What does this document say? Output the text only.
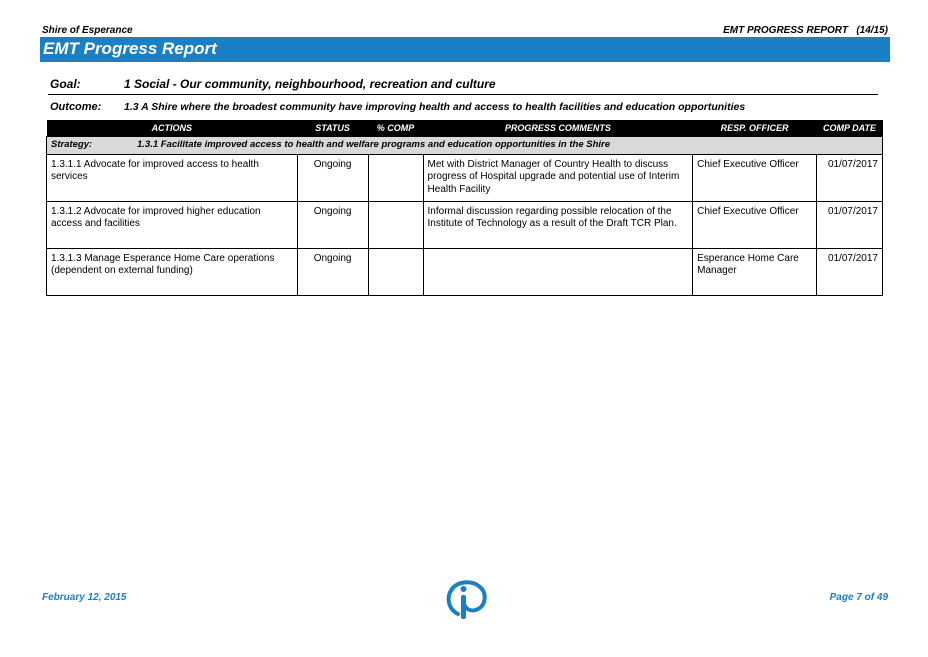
Shire of Esperance	EMT PROGRESS REPORT (14/15)
EMT Progress Report
Goal:	1 Social - Our community, neighbourhood, recreation and culture
Outcome: 1.3 A Shire where the broadest community have improving health and access to health facilities and education opportunities
ACTIONS	STATUS	% COMP	PROGRESS COMMENTS	RESP. OFFICER	COMP DATE
Strategy: 1.3.1 Facilitate improved access to health and welfare programs and education opportunities in the Shire					
1.3.1.1 Advocate for improved access to health services	Ongoing		Met with District Manager of Country Health to discuss progress of Hospital upgrade and potential use of Interim Health Facility	Chief Executive Officer	01/07/2017
1.3.1.2 Advocate for improved higher education access and facilities	Ongoing		Informal discussion regarding possible relocation of the Institute of Technology as a result of the Draft TCR Plan.	Chief Executive Officer	01/07/2017
1.3.1.3 Manage Esperance Home Care operations (dependent on external funding)	Ongoing			Esperance Home Care Manager	01/07/2017
February 12, 2015	Page 7 of 49
